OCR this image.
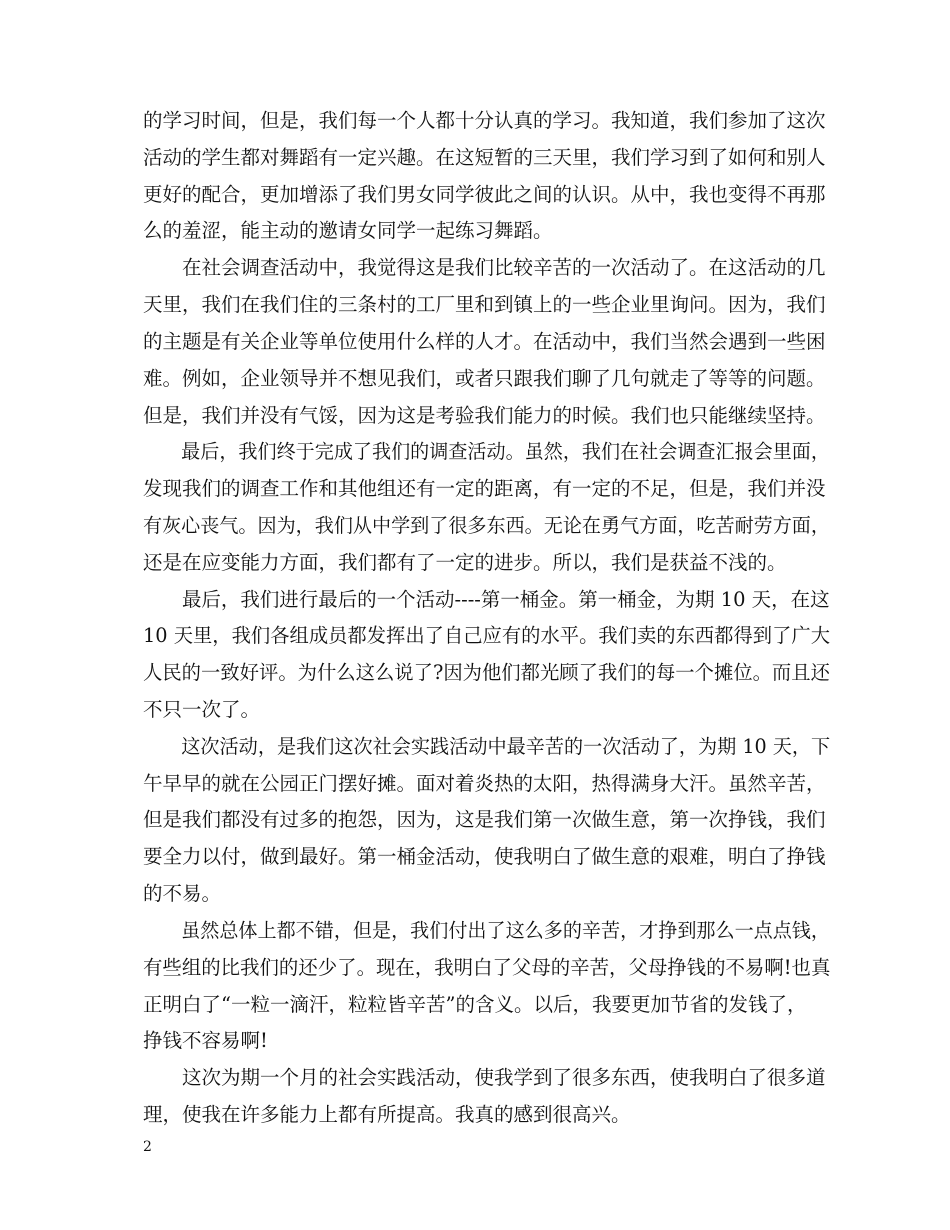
的学习时间，但是，我们每一个人都十分认真的学习。我知道，我们参加了这次
活动的学生都对舞蹈有一定兴趣。在这短暂的三天里，我们学习到了如何和别人
更好的配合，更加增添了我们男女同学彼此之间的认识。从中，我也变得不再那
么的羞涩，能主动的邀请女同学一起练习舞蹈。
　　在社会调查活动中，我觉得这是我们比较辛苦的一次活动了。在这活动的几
天里，我们在我们住的三条村的工厂里和到镇上的一些企业里询问。因为，我们
的主题是有关企业等单位使用什么样的人才。在活动中，我们当然会遇到一些困
难。例如，企业领导并不想见我们，或者只跟我们聊了几句就走了等等的问题。
但是，我们并没有气馁，因为这是考验我们能力的时候。我们也只能继续坚持。
　　最后，我们终于完成了我们的调查活动。虽然，我们在社会调查汇报会里面，
发现我们的调查工作和其他组还有一定的距离，有一定的不足，但是，我们并没
有灰心丧气。因为，我们从中学到了很多东西。无论在勇气方面，吃苦耐劳方面，
还是在应变能力方面，我们都有了一定的进步。所以，我们是获益不浅的。
　　最后，我们进行最后的一个活动----第一桶金。第一桶金，为期 10 天，在这
10 天里，我们各组成员都发挥出了自己应有的水平。我们卖的东西都得到了广大
人民的一致好评。为什么这么说了?因为他们都光顾了我们的每一个摊位。而且还
不只一次了。
　　这次活动，是我们这次社会实践活动中最辛苦的一次活动了，为期 10 天，下
午早早的就在公园正门摆好摊。面对着炎热的太阳，热得满身大汗。虽然辛苦，
但是我们都没有过多的抱怨，因为，这是我们第一次做生意，第一次挣钱，我们
要全力以付，做到最好。第一桶金活动，使我明白了做生意的艰难，明白了挣钱
的不易。
　　虽然总体上都不错，但是，我们付出了这么多的辛苦，才挣到那么一点点钱，
有些组的比我们的还少了。现在，我明白了父母的辛苦，父母挣钱的不易啊!也真
正明白了“一粒一滴汗，粒粒皆辛苦”的含义。以后，我要更加节省的发钱了，
挣钱不容易啊!
　　这次为期一个月的社会实践活动，使我学到了很多东西，使我明白了很多道
理，使我在许多能力上都有所提高。我真的感到很高兴。
2
